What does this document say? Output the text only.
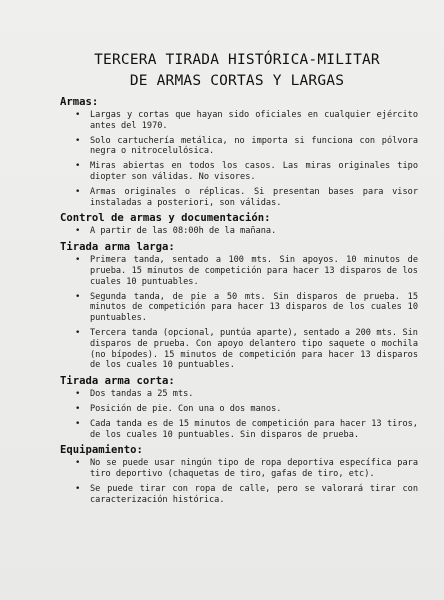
TERCERA TIRADA HISTÓRICA-MILITAR
DE ARMAS CORTAS Y LARGAS
Armas:
• Largas y cortas que hayan sido oficiales en cualquier ejército antes del 1970.
• Solo cartuchería metálica, no importa si funciona con pólvora negra o nitrocelulósica.
• Miras abiertas en todos los casos. Las miras originales tipo diopter son válidas. No visores.
• Armas originales o réplicas. Si presentan bases para visor instaladas a posteriori, son válidas.
Control de armas y documentación:
• A partir de las 08:00h de la mañana.
Tirada arma larga:
• Primera tanda, sentado a 100 mts. Sin apoyos. 10 minutos de prueba. 15 minutos de competición para hacer 13 disparos de los cuales 10 puntuables.
• Segunda tanda, de pie a 50 mts. Sin disparos de prueba. 15 minutos de competición para hacer 13 disparos de los cuales 10 puntuables.
• Tercera tanda (opcional, puntúa aparte), sentado a 200 mts. Sin disparos de prueba. Con apoyo delantero tipo saquete o mochila (no bípodes). 15 minutos de competición para hacer 13 disparos de los cuales 10 puntuables.
Tirada arma corta:
• Dos tandas a 25 mts.
• Posición de pie. Con una o dos manos.
• Cada tanda es de 15 minutos de competición para hacer 13 tiros, de los cuales 10 puntuables. Sin disparos de prueba.
Equipamiento:
• No se puede usar ningún tipo de ropa deportiva específica para tiro deportivo (chaquetas de tiro, gafas de tiro, etc).
• Se puede tirar con ropa de calle, pero se valorará tirar con caracterización histórica.
